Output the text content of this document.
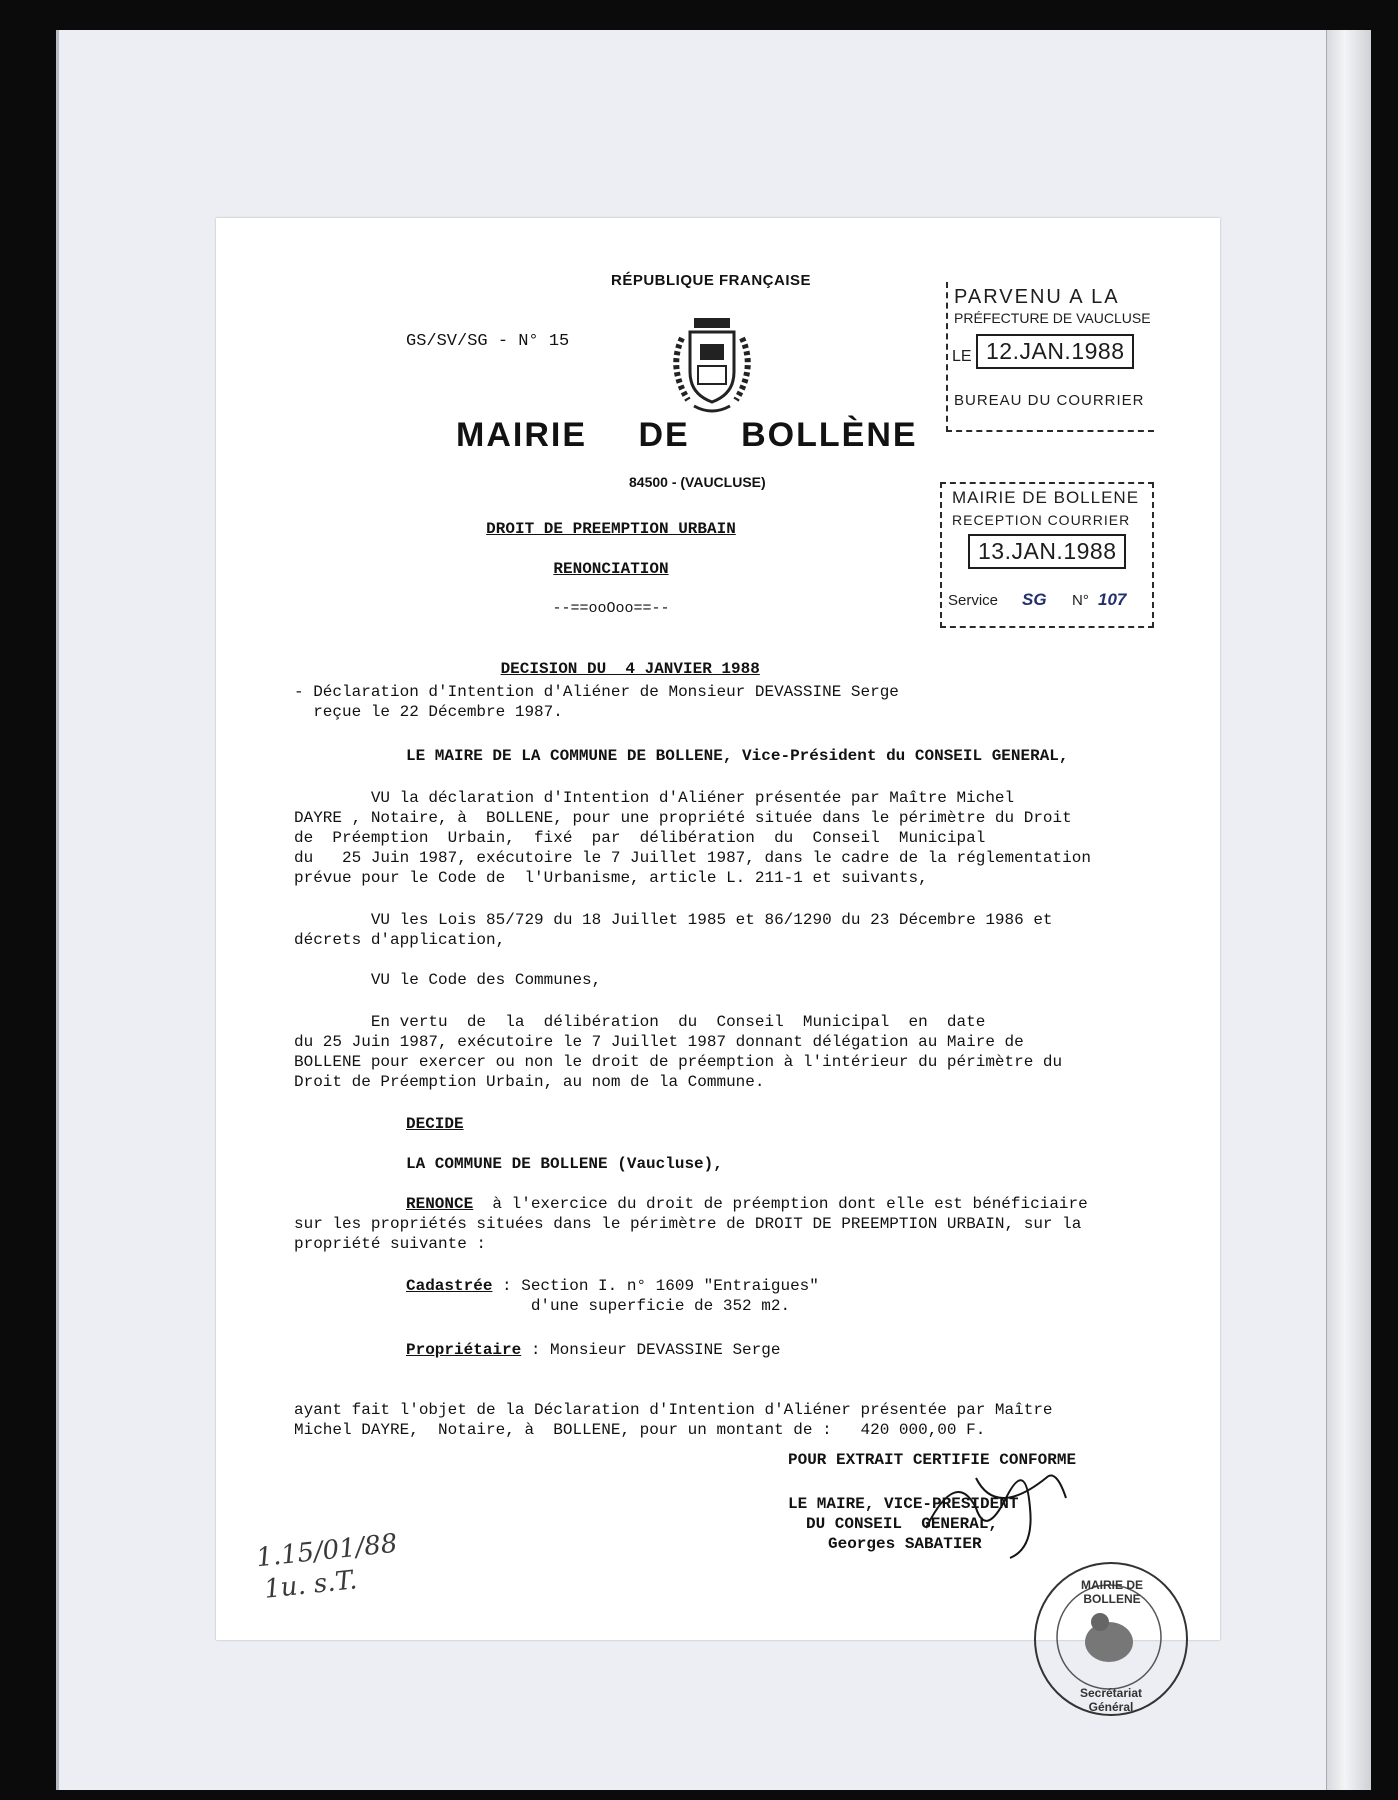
RÉPUBLIQUE FRANÇAISE
GS/SV/SG - N° 15
MAIRIE DE BOLLÈNE
84500 - (VAUCLUSE)
DROIT DE PREEMPTION URBAIN
RENONCIATION
--==ooOoo==--

DECISION DU  4 JANVIER 1988

- Déclaration d'Intention d'Aliéner de Monsieur DEVASSINE Serge
reçue le 22 Décembre 1987.
LE MAIRE DE LA COMMUNE DE BOLLENE, Vice-Président du CONSEIL GENERAL,
VU la déclaration d'Intention d'Aliéner présentée par Maître Michel
DAYRE , Notaire, à  BOLLENE, pour une propriété située dans le périmètre du Droit
de  Préemption  Urbain,  fixé  par  délibération  du  Conseil  Municipal
du   25 Juin 1987, exécutoire le 7 Juillet 1987, dans le cadre de la réglementation
prévue pour le Code de  l'Urbanisme, article L. 211-1 et suivants,
VU les Lois 85/729 du 18 Juillet 1985 et 86/1290 du 23 Décembre 1986 et
décrets d'application,
VU le Code des Communes,
En vertu  de  la  délibération  du  Conseil  Municipal  en  date
du 25 Juin 1987, exécutoire le 7 Juillet 1987 donnant délégation au Maire de
BOLLENE pour exercer ou non le droit de préemption à l'intérieur du périmètre du
Droit de Préemption Urbain, au nom de la Commune.
DECIDE
LA COMMUNE DE BOLLENE (Vaucluse),
RENONCE  à l'exercice du droit de préemption dont elle est bénéficiaire
sur les propriétés situées dans le périmètre de DROIT DE PREEMPTION URBAIN, sur la
propriété suivante :
Cadastrée : Section I. n° 1609 "Entraigues"
d'une superficie de 352 m2.
Propriétaire : Monsieur DEVASSINE Serge
ayant fait l'objet de la Déclaration d'Intention d'Aliéner présentée par Maître
Michel DAYRE,  Notaire, à  BOLLENE, pour un montant de :   420 000,00 F.
POUR EXTRAIT CERTIFIE CONFORME
LE MAIRE, VICE-PRESIDENT
DU CONSEIL  GENERAL,
Georges SABATIER
MAIRIE DE BOLLENE
Secrétariat Général
1.15/01/88
1u. s.T.
PARVENU A LA
PRÉFECTURE DE VAUCLUSE
LE 12.JAN.1988
BUREAU DU COURRIER
MAIRIE DE BOLLENE
RECEPTION COURRIER
13.JAN.1988
Service SG N° 107
